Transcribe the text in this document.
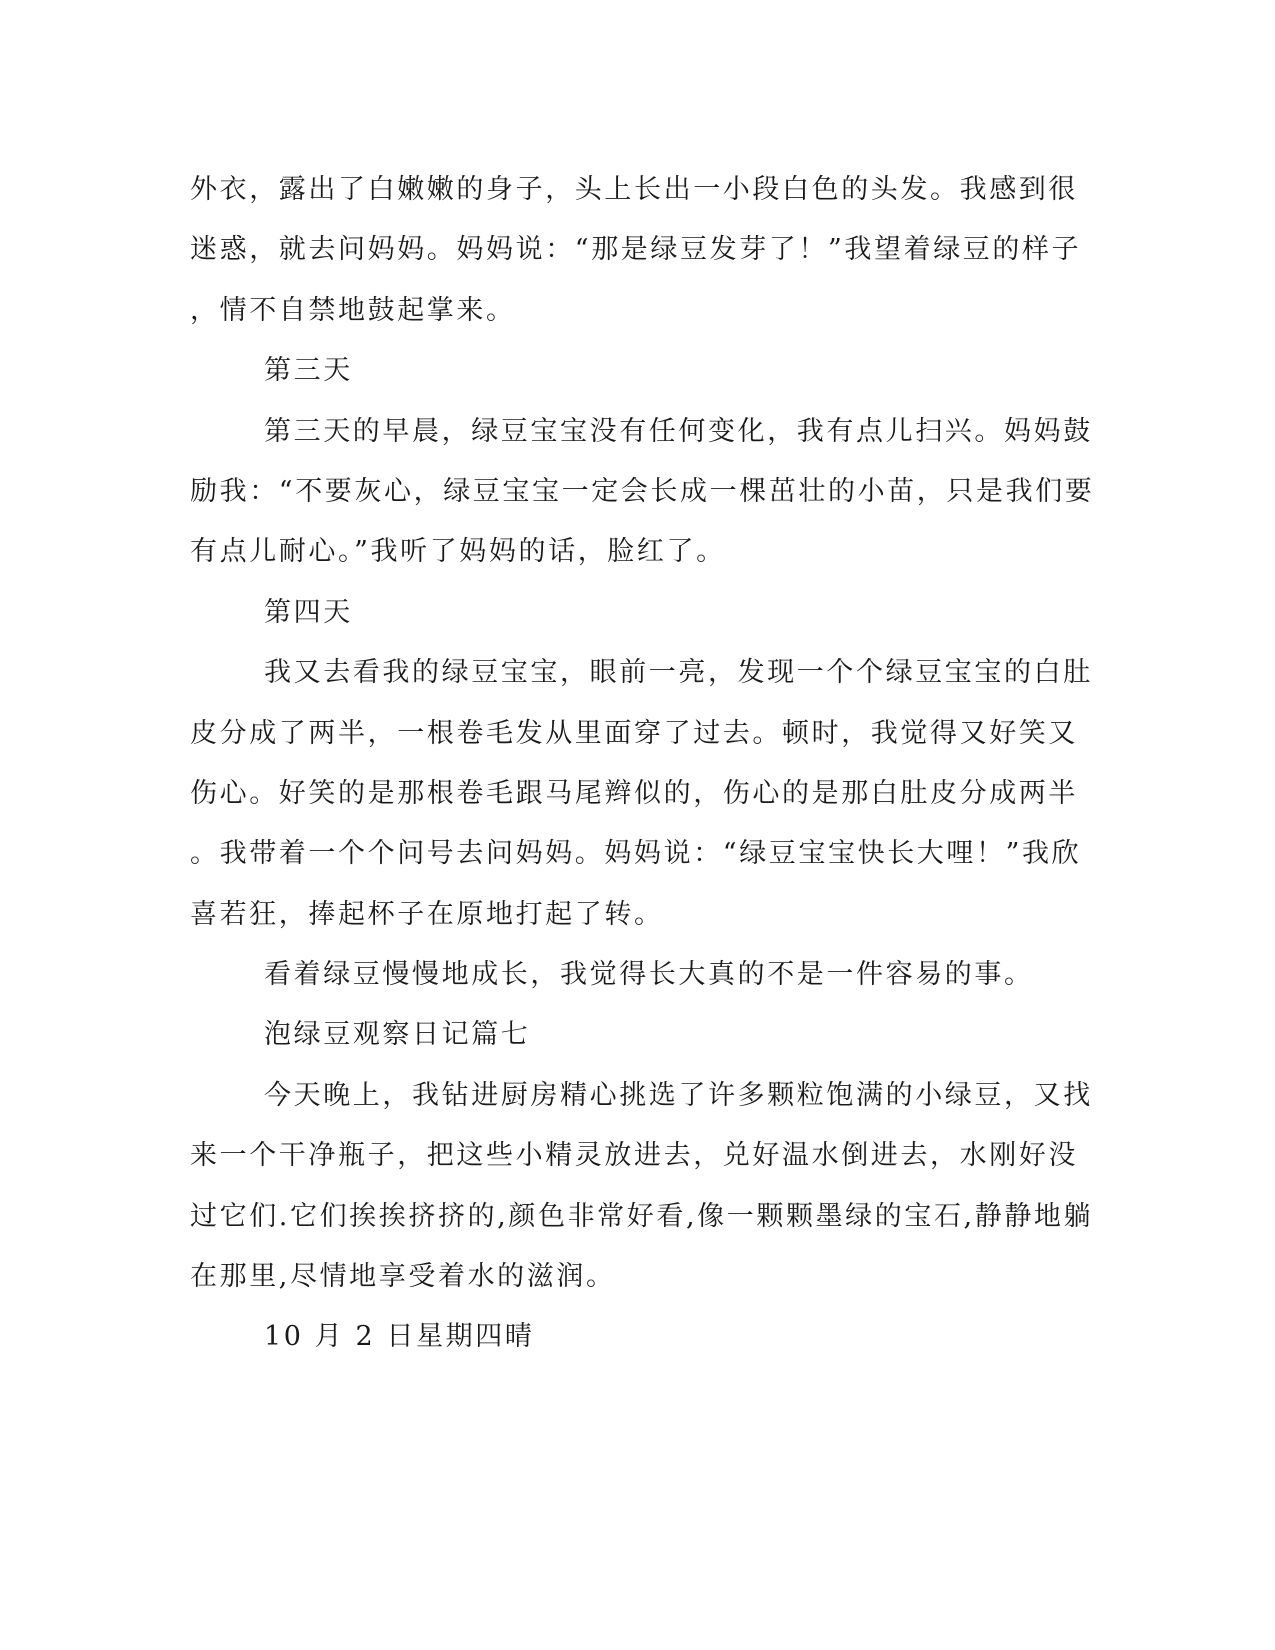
外衣，露出了白嫩嫩的身子，头上长出一小段白色的头发。我感到很
迷惑，就去问妈妈。妈妈说：“那是绿豆发芽了！”我望着绿豆的样子
，情不自禁地鼓起掌来。
第三天
第三天的早晨，绿豆宝宝没有任何变化，我有点儿扫兴。妈妈鼓
励我：“不要灰心，绿豆宝宝一定会长成一棵茁壮的小苗，只是我们要
有点儿耐心。”我听了妈妈的话，脸红了。
第四天
我又去看我的绿豆宝宝，眼前一亮，发现一个个绿豆宝宝的白肚
皮分成了两半，一根卷毛发从里面穿了过去。顿时，我觉得又好笑又
伤心。好笑的是那根卷毛跟马尾辫似的，伤心的是那白肚皮分成两半
。我带着一个个问号去问妈妈。妈妈说：“绿豆宝宝快长大哩！”我欣
喜若狂，捧起杯子在原地打起了转。
看着绿豆慢慢地成长，我觉得长大真的不是一件容易的事。
泡绿豆观察日记篇七
今天晚上，我钻进厨房精心挑选了许多颗粒饱满的小绿豆，又找
来一个干净瓶子，把这些小精灵放进去，兑好温水倒进去，水刚好没
过它们.它们挨挨挤挤的,颜色非常好看,像一颗颗墨绿的宝石,静静地躺
在那里,尽情地享受着水的滋润。
10 月 2 日星期四晴
